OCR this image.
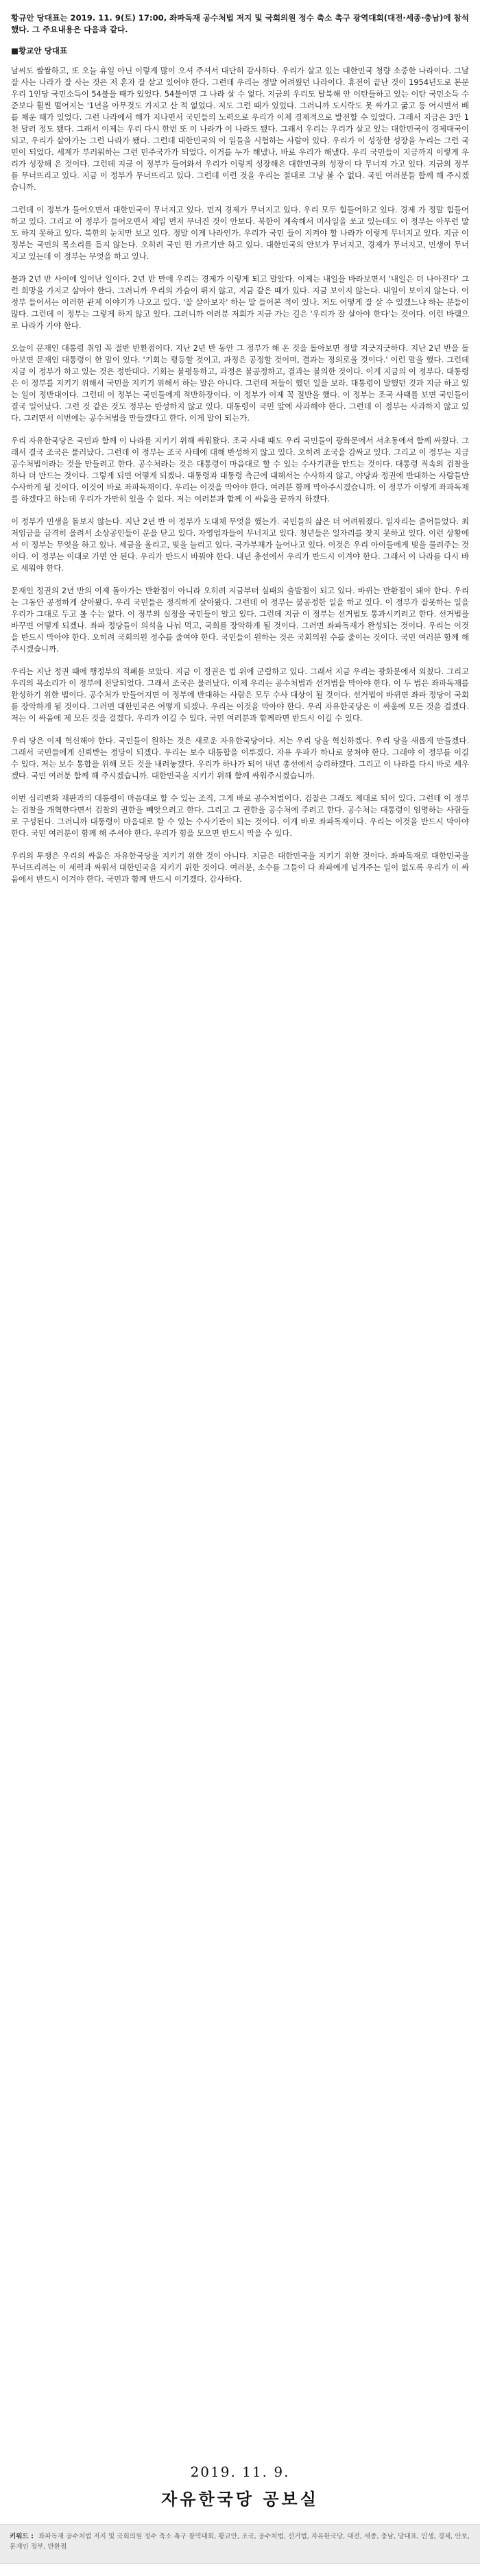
황규안 당대표는 2019. 11. 9(토) 17:00, 좌파독재 공수처법 저지 및 국회의원 정수 축소 촉구 광역대회(대전·세종·충남)에 참석했다. 그 주요내용은 다음과 같다.

■황교안 당대표

날씨도 쌀쌀하고, 또 오늘 휴일 아닌 이렇게 많이 오셔 주셔서 대단히 감사하다. 우리가 살고 있는 대한민국 청량 소중한 나라이다. 그날 잘 사는 나라가 잘 사는 것은 저 혼자 잘 살고 있어야 한다. 그런데 우리는 정말 어려웠던 나라이다. 휴전이 끝난 것이 1954년도로 본문 우리 1인당 국민소득이 54불을 때가 있었다. 54불이면 그 나라 살 수 없다. 지금의 우리도 탈북해 안 이탄들하고 있는 이탄 국민소득 수준보다 훨씬 떨어지는 '1년을 아무것도 가지고 산 적 없었다. 저도 그런 때가 있었다. 그러니까 도시락도 못 싸가고 굶고 등 어시면서 배를 채운 때가 있었다. 그런 나라에서 해가 지나면서 국민들의 노력으로 우리가 이제 경제적으로 발전할 수 있었다. 그래서 지금은 3만 1천 달러 정도 됐다. 그래서 이제는 우리 다시 한번 또 이 나라가 이 나라도 됐다. 그래서 우리는 우리가 살고 있는 대한민국이 경제대국이 되고, 우리가 살아가는 그런 나라가 됐다. 그런데 대한민국의 이 일들을 시험하는 사람이 있다. 우리가 이 성장한 성장을 누리는 그런 국민이 되었다. 세계가 부러워하는 그런 민주국가가 되었다. 이거를 누가 해냈나. 바로 우리가 해냈다. 우리 국민들이 지금까지 이렇게 우리가 성장해 온 것이다. 그런데 지금 이 정부가 들어와서 우리가 이렇게 성장해온 대한민국의 성장이 다 무너져 가고 있다. 지금의 정부를 무너뜨리고 있다. 지금 이 정부가 무너뜨리고 있다. 그런데 이런 것을 우리는 절대로 그냥 볼 수 없다. 국민 여러분들 함께 해 주시겠습니까.

그런데 이 정부가 들어오면서 대한민국이 무너지고 있다. 먼저 경제가 무너지고 있다. 우리 모두 힘들어하고 있다. 경제 가 정말 힘들어하고 있다. 그리고 이 정부가 들어오면서 제일 먼저 무너진 것이 안보다. 북한이 계속해서 미사일을 쏘고 있는데도 이 정부는 아무런 말도 하지 못하고 있다. 북한의 눈치만 보고 있다. 정말 이게 나라인가. 우리가 국민 들이 지켜야 할 나라가 이렇게 무너지고 있다. 지금 이 정부는 국민의 목소리를 듣지 않는다. 오히려 국민 편 가르기만 하고 있다. 대한민국의 안보가 무너지고, 경제가 무너지고, 민생이 무너지고 있는데 이 정부는 무엇을 하고 있나.

불과 2년 반 사이에 일어난 일이다. 2년 반 만에 우리는 경제가 이렇게 되고 말았다. 이제는 내일을 바라보면서 '내일은 더 나아진다' 그런 희망을 가지고 살아야 한다. 그러니까 우리의 가슴이 뛰지 않고, 지금 같은 때가 있다. 지금 보이지 않는다. 내일이 보이지 않는다. 이 정부 들어서는 이러한 관계 이야기가 나오고 있다. '잘 살아보자' 하는 말 들어본 적이 있나. 저도 어떻게 잘 살 수 있겠느냐 하는 분들이 많다. 그런데 이 정부는 그렇게 하지 않고 있다. 그러니까 여러분 저희가 지금 가는 길은 '우리가 잘 살아야 한다'는 것이다. 이런 바램으로 나라가 가야 한다.

오늘이 문재인 대통령 취임 꼭 절반 반환점이다. 지난 2년 반 동안 그 정부가 해 온 것을 돌아보면 정말 지긋지긋하다. 지난 2년 반을 돌아보면 문재인 대통령이 한 말이 있다. '기회는 평등할 것이고, 과정은 공정할 것이며, 결과는 정의로울 것이다.' 이런 말을 했다. 그런데 지금 이 정부가 하고 있는 것은 정반대다. 기회는 불평등하고, 과정은 불공정하고, 결과는 불의한 것이다. 이게 지금의 이 정부다. 대통령은 이 정부를 지키기 위해서 국민을 지키기 위해서 하는 말은 아니다. 그런데 저들이 했던 일을 보라. 대통령이 말했던 것과 지금 하고 있는 일이 정반대이다. 그런데 이 정부는 국민들에게 적반하장이다. 이 정부가 이제 꼭 절반을 했다. 이 정부는 조국 사태를 보면 국민들이 결국 일어났다. 그런 것 같은 것도 정부는 반성하지 않고 있다. 대통령이 국민 앞에 사과해야 한다. 그런데 이 정부는 사과하지 않고 있다. 그러면서 이번에는 공수처법을 만들겠다고 한다. 이게 말이 되는가.

우리 자유한국당은 국민과 함께 이 나라를 지키기 위해 싸워왔다. 조국 사태 때도 우리 국민들이 광화문에서 서초동에서 함께 싸웠다. 그래서 결국 조국은 물러났다. 그런데 이 정부는 조국 사태에 대해 반성하지 않고 있다. 오히려 조국을 감싸고 있다. 그리고 이 정부는 지금 공수처법이라는 것을 만들려고 한다. 공수처라는 것은 대통령이 마음대로 할 수 있는 수사기관을 만드는 것이다. 대통령 직속의 검찰을 하나 더 만드는 것이다. 그렇게 되면 어떻게 되겠나. 대통령과 대통령 측근에 대해서는 수사하지 않고, 야당과 정권에 반대하는 사람들만 수사하게 될 것이다. 이것이 바로 좌파독재이다. 우리는 이것을 막아야 한다. 여러분 함께 막아주시겠습니까. 이 정부가 이렇게 좌파독재를 하겠다고 하는데 우리가 가만히 있을 수 없다. 저는 여러분과 함께 이 싸움을 끝까지 하겠다.

이 정부가 민생을 돌보지 않는다. 지난 2년 반 이 정부가 도대체 무엇을 했는가. 국민들의 삶은 더 어려워졌다. 일자리는 줄어들었다. 최저임금을 급격히 올려서 소상공인들이 문을 닫고 있다. 자영업자들이 무너지고 있다. 청년들은 일자리를 찾지 못하고 있다. 이런 상황에서 이 정부는 무엇을 하고 있나. 세금을 올리고, 빚을 늘리고 있다. 국가부채가 늘어나고 있다. 이것은 우리 아이들에게 빚을 물려주는 것이다. 이 정부는 이대로 가면 안 된다. 우리가 반드시 바꿔야 한다. 내년 총선에서 우리가 반드시 이겨야 한다. 그래서 이 나라를 다시 바로 세워야 한다.

문재인 정권의 2년 반의 이제 돌아가는 반환점이 아니라 오히려 지금부터 실패의 출발점이 되고 있다. 바뀌는 반환점이 돼야 한다. 우리는 그동안 공정하게 살아왔다. 우리 국민들은 정직하게 살아왔다. 그런데 이 정부는 불공정한 일을 하고 있다. 이 정부가 잘못하는 일을 우리가 그대로 두고 볼 수는 없다. 이 정부의 실정을 국민들이 알고 있다. 그런데 지금 이 정부는 선거법도 통과시키려고 한다. 선거법을 바꾸면 어떻게 되겠나. 좌파 정당들이 의석을 나눠 먹고, 국회를 장악하게 될 것이다. 그러면 좌파독재가 완성되는 것이다. 우리는 이것을 반드시 막아야 한다. 오히려 국회의원 정수를 줄여야 한다. 국민들이 원하는 것은 국회의원 수를 줄이는 것이다. 국민 여러분 함께 해 주시겠습니까.

우리는 지난 정권 때에 행정부의 적폐를 보았다. 지금 이 정권은 법 위에 군림하고 있다. 그래서 지금 우리는 광화문에서 외쳤다. 그리고 우리의 목소리가 이 정부에 전달되었다. 그래서 조국은 물러났다. 이제 우리는 공수처법과 선거법을 막아야 한다. 이 두 법은 좌파독재를 완성하기 위한 법이다. 공수처가 만들어지면 이 정부에 반대하는 사람은 모두 수사 대상이 될 것이다. 선거법이 바뀌면 좌파 정당이 국회를 장악하게 될 것이다. 그러면 대한민국은 어떻게 되겠나. 우리는 이것을 막아야 한다. 우리 자유한국당은 이 싸움에 모든 것을 걸겠다. 저는 이 싸움에 제 모든 것을 걸겠다. 우리가 이길 수 있다. 국민 여러분과 함께라면 반드시 이길 수 있다.

우리 당은 이제 혁신해야 한다. 국민들이 원하는 것은 새로운 자유한국당이다. 저는 우리 당을 혁신하겠다. 우리 당을 새롭게 만들겠다. 그래서 국민들에게 신뢰받는 정당이 되겠다. 우리는 보수 대통합을 이루겠다. 자유 우파가 하나로 뭉쳐야 한다. 그래야 이 정부를 이길 수 있다. 저는 보수 통합을 위해 모든 것을 내려놓겠다. 우리가 하나가 되어 내년 총선에서 승리하겠다. 그리고 이 나라를 다시 바로 세우겠다. 국민 여러분 함께 해 주시겠습니까. 대한민국을 지키기 위해 함께 싸워주시겠습니까.

이번 심리변화 재판과의 대통령이 마음대로 할 수 있는 조직, 그게 바로 공수처법이다. 검찰은 그래도 제대로 되어 있다. 그런데 이 정부는 검찰을 개혁한다면서 검찰의 권한을 빼앗으려고 한다. 그리고 그 권한을 공수처에 주려고 한다. 공수처는 대통령이 임명하는 사람들로 구성된다. 그러니까 대통령이 마음대로 할 수 있는 수사기관이 되는 것이다. 이게 바로 좌파독재이다. 우리는 이것을 반드시 막아야 한다. 국민 여러분이 함께 해 주셔야 한다. 우리가 힘을 모으면 반드시 막을 수 있다.

우리의 투쟁은 우리의 싸움은 자유한국당을 지키기 위한 것이 아니다. 지금은 대한민국을 지키기 위한 것이다. 좌파독재로 대한민국을 무너뜨리려는 이 세력과 싸워서 대한민국을 지키기 위한 것이다. 여러분, 소수를 그들이 다 좌파에게 넘겨주는 일이 없도록 우리가 이 싸움에서 반드시 이겨야 한다. 국민과 함께 반드시 이기겠다. 감사하다.

2019. 11. 9.
자유한국당 공보실
키워드 : 좌파독재 공수처법 저지 및 국회의원 정수 축소 촉구 광역대회, 황교안, 조국, 공수처법, 선거법, 자유한국당, 대전, 세종, 충남, 당대표, 민생, 경제, 안보, 문재인 정부, 반환점
